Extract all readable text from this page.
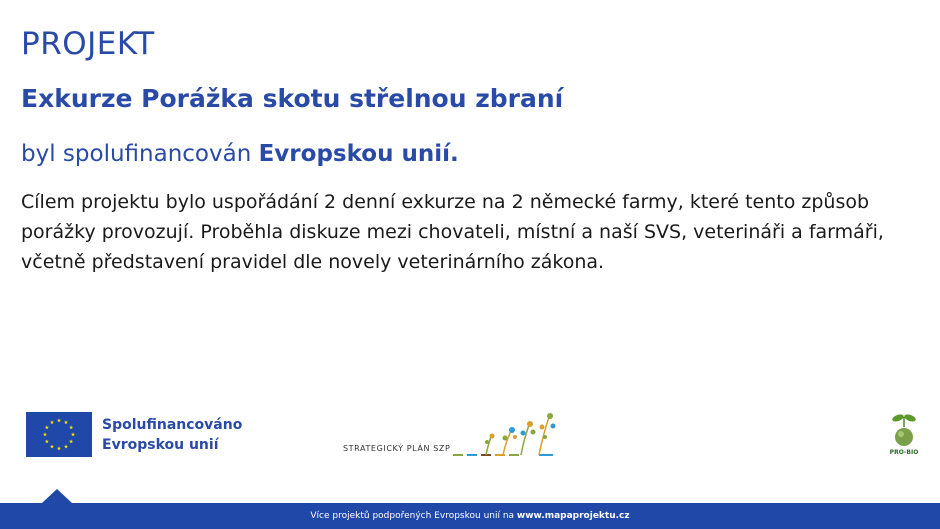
PROJEKT
Exkurze Porážka skotu střelnou zbraní
byl spolufinancován Evropskou unií.
Cílem projektu bylo uspořádání 2 denní exkurze na 2 německé farmy, které tento způsob porážky provozují. Proběhla diskuze mezi chovateli, místní a naší SVS, veterináři a farmáři, včetně představení pravidel dle novely veterinárního zákona.
Spolufinancováno
Evropskou unií	STRATEGICKÝ PLÁN SZP	PRO-BIO
Více projektů podpořených Evropskou unií na www.mapaprojektu.cz
